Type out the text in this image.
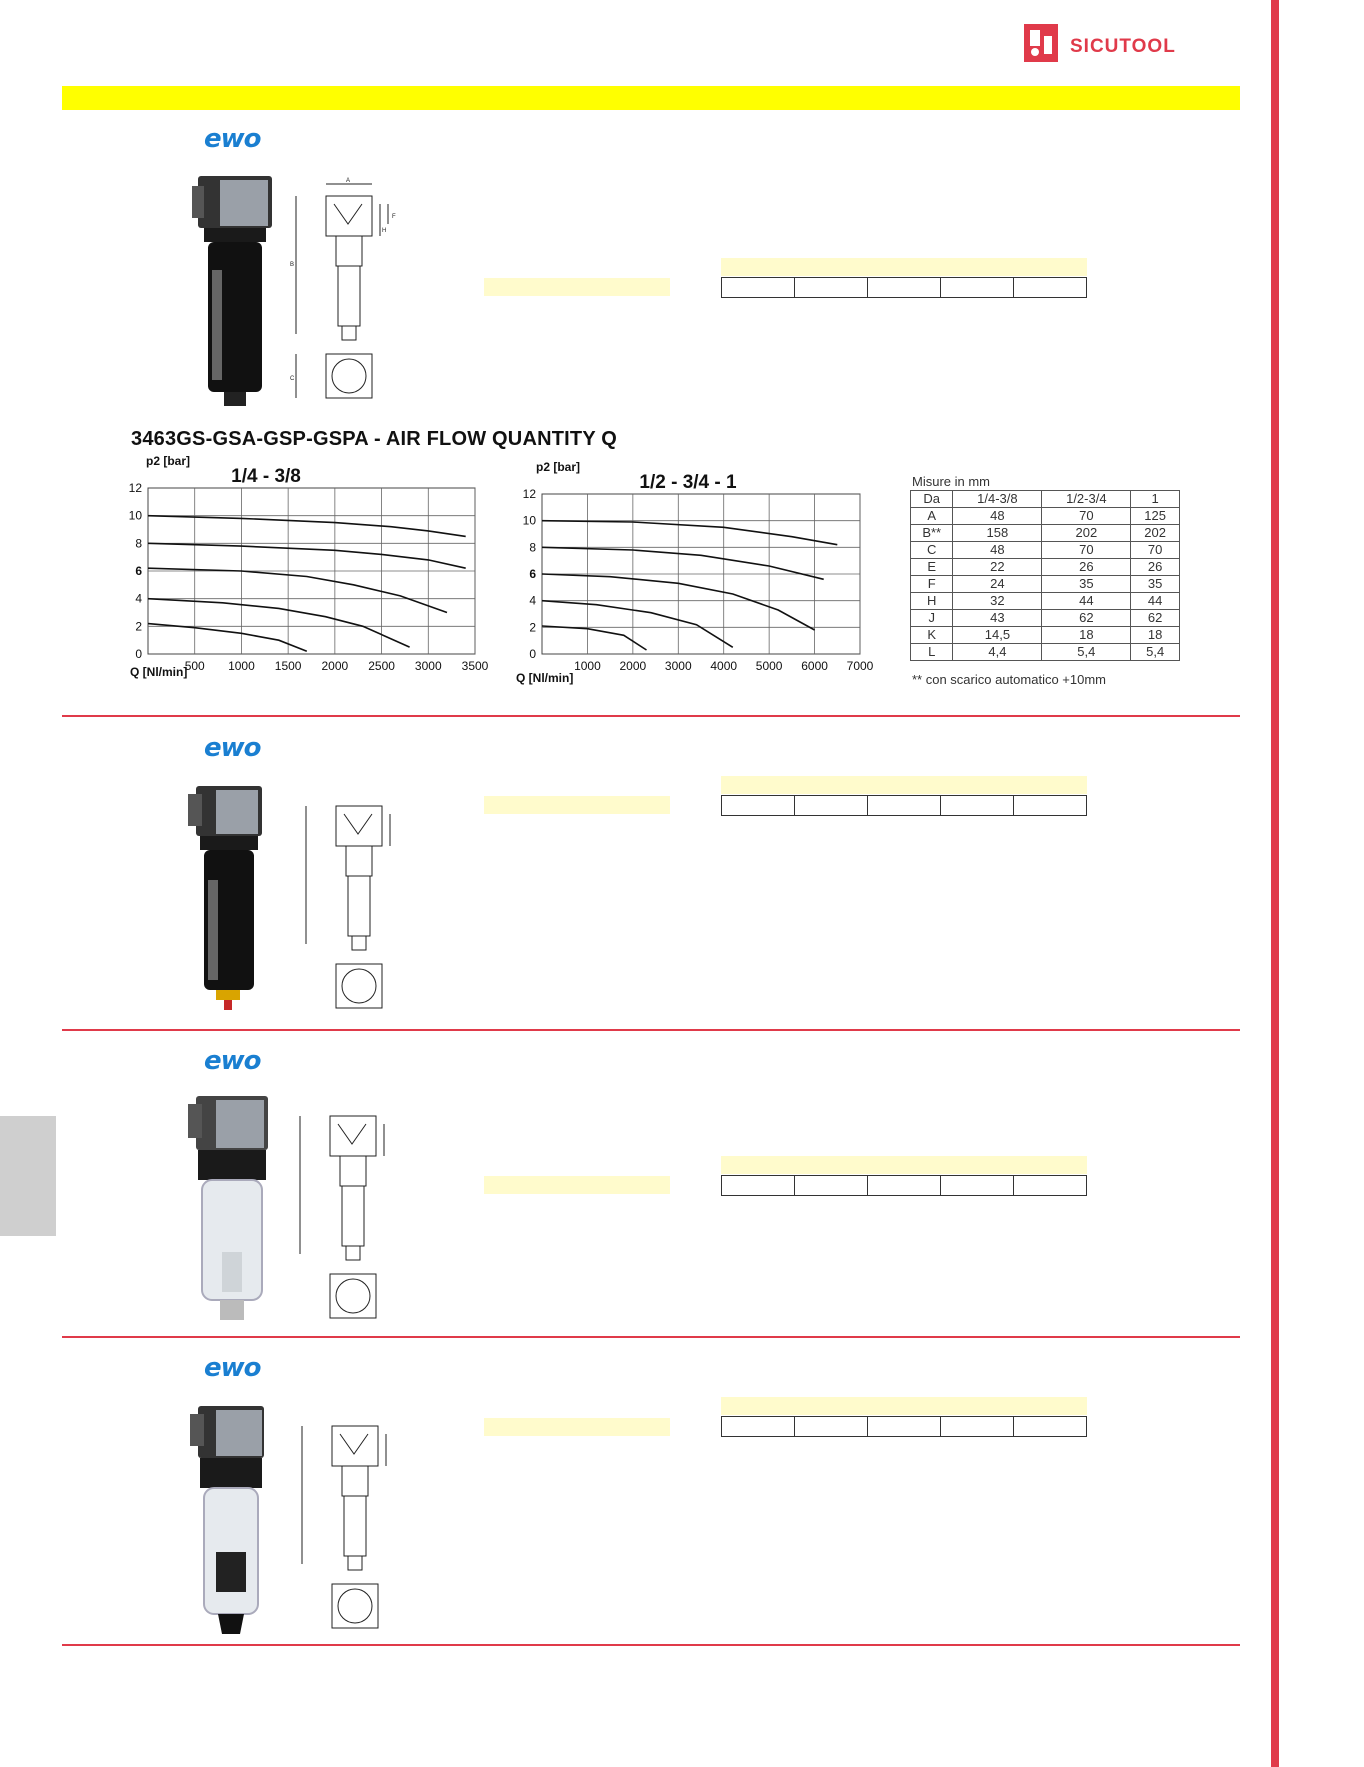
SICUTOOL
ewo
A
B
C
F
H
3463GS-GSA-GSP-GSPA - AIR FLOW QUANTITY Q
1/4 - 3/8
p2 [bar]
Q [Nl/min]
500 1000 1500 2000 2500 3000 3500
0
2
4
6
8
10
12	1/2 - 3/4 - 1
p2 [bar]
Q [Nl/min]
1000 2000 3000 4000 5000 6000 7000
0
2
4
6
8
10
12
Misure in mm
Da	1/4-3/8	1/2-3/4	1
A	48	70	125
B**	158	202	202
C	48	70	70
E	22	26	26
F	24	35	35
H	32	44	44
J	43	62	62
K	14,5	18	18
L	4,4	5,4	5,4
** con scarico automatico +10mm
ewo
ewo
ewo
